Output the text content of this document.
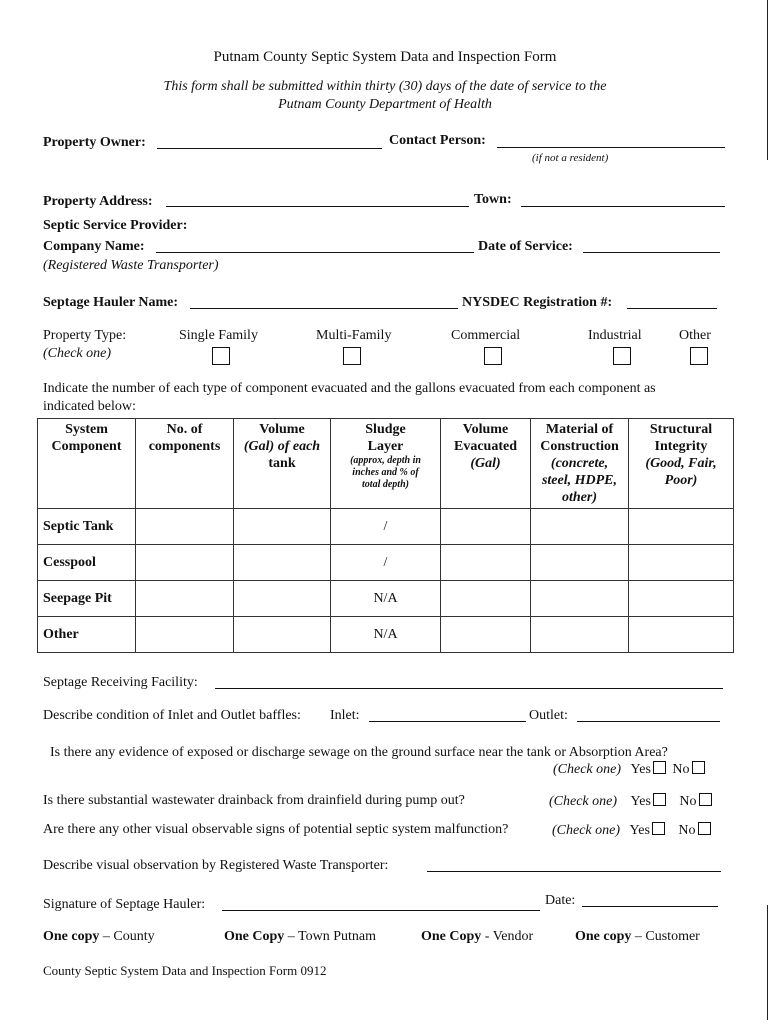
Putnam County Septic System Data and Inspection Form
This form shall be submitted within thirty (30) days of the date of service to the
Putnam County Department of Health
Property Owner:	Contact Person:
(if not a resident)
Property Address:	Town:
Septic Service Provider:
Company Name:	Date of Service:
(Registered Waste Transporter)
Septage Hauler Name:	NYSDEC Registration #:
Property Type:
(Check one)
Single Family	Multi-Family	Commercial	Industrial	Other
Indicate the number of each type of component evacuated and the gallons evacuated from each component as
indicated below:
System
Component	No. of
components	Volume
(Gal) of each
tank	Sludge
Layer
(approx, depth in
inches and % of
total depth)	Volume
Evacuated
(Gal)	Material of
Construction
(concrete,
steel, HDPE,
other)	Structural
Integrity
(Good, Fair,
Poor)
Septic Tank			/			
Cesspool			/			
Seepage Pit			N/A			
Other			N/A			
Septage Receiving Facility:
Describe condition of Inlet and Outlet baffles: Inlet:	Outlet:
Is there any evidence of exposed or discharge sewage on the ground surface near the tank or Absorption Area?
(Check one) Yes No
Is there substantial wastewater drainback from drainfield during pump out?	(Check one) Yes No
Are there any other visual observable signs of potential septic system malfunction?	(Check one) Yes No
Describe visual observation by Registered Waste Transporter:
Signature of Septage Hauler:	Date:
One copy – County	One Copy – Town Putnam	One Copy - Vendor	One copy – Customer
County Septic System Data and Inspection Form 0912
